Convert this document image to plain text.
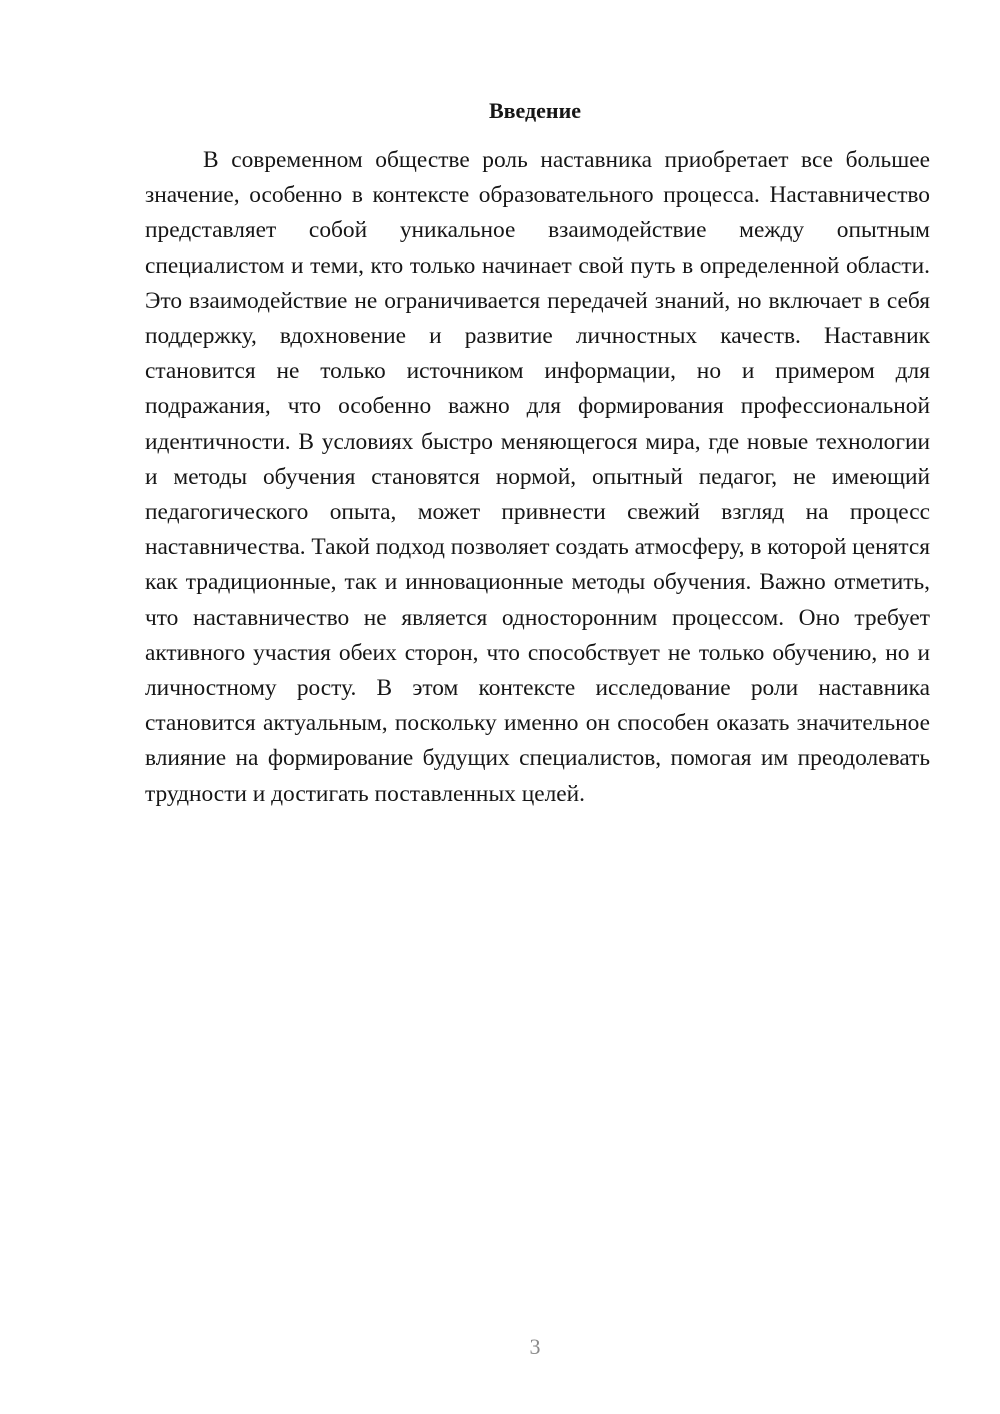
Введение

В современном обществе роль наставника приобретает все большее значение, особенно в контексте образовательного процесса. Наставничество представляет собой уникальное взаимодействие между опытным специалистом и теми, кто только начинает свой путь в определенной области. Это взаимодействие не ограничивается передачей знаний, но включает в себя поддержку, вдохновение и развитие личностных качеств. Наставник становится не только источником информации, но и примером для подражания, что особенно важно для формирования профессиональной идентичности. В условиях быстро меняющегося мира, где новые технологии и методы обучения становятся нормой, опытный педагог, не имеющий педагогического опыта, может привнести свежий взгляд на процесс наставничества. Такой подход позволяет создать атмосферу, в которой ценятся как традиционные, так и инновационные методы обучения. Важно отметить, что наставничество не является односторонним процессом. Оно требует активного участия обеих сторон, что способствует не только обучению, но и личностному росту. В этом контексте исследование роли наставника становится актуальным, поскольку именно он способен оказать значительное влияние на формирование будущих специалистов, помогая им преодолевать трудности и достигать поставленных целей.

3
